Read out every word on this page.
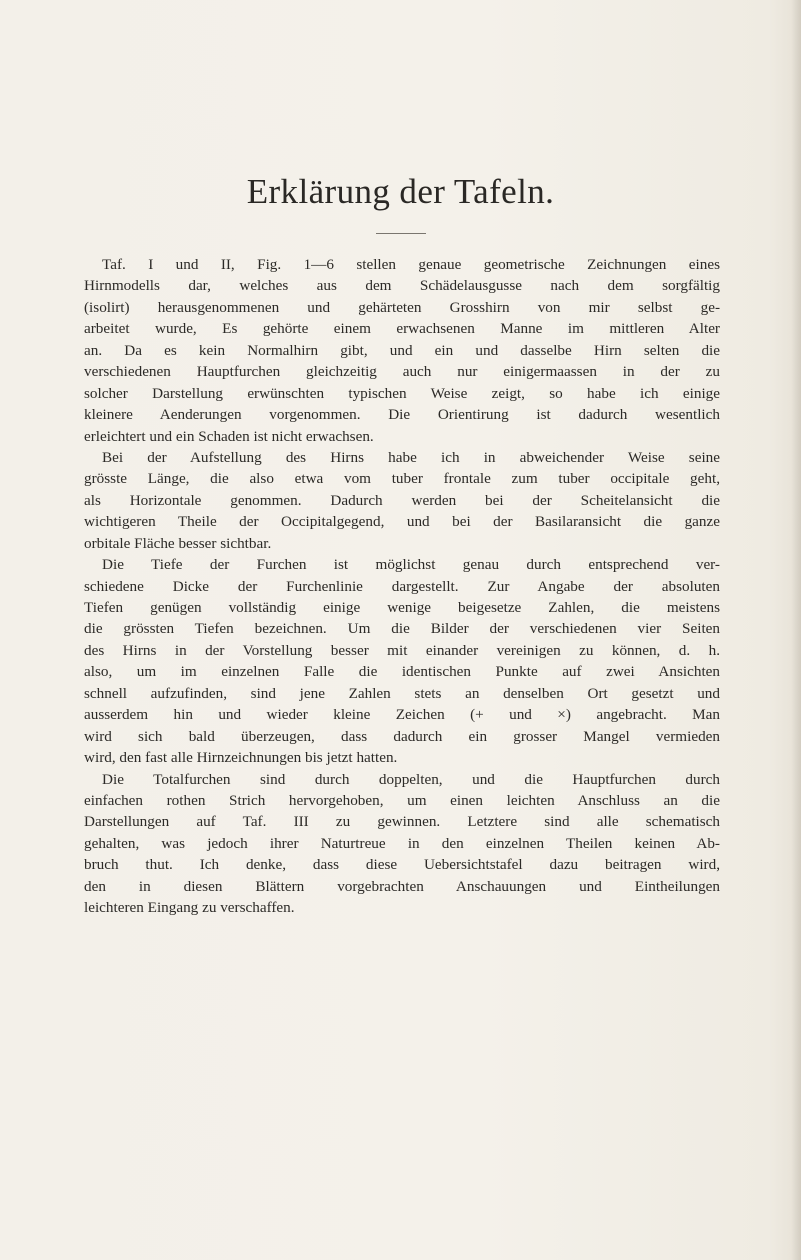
Erklärung der Tafeln.
Taf. I und II, Fig. 1—6 stellen genaue geometrische Zeichnungen eines
Hirnmodells dar, welches aus dem Schädelausgusse nach dem sorgfältig
(isolirt) herausgenommenen und gehärteten Grosshirn von mir selbst ge-
arbeitet wurde, Es gehörte einem erwachsenen Manne im mittleren Alter
an. Da es kein Normalhirn gibt, und ein und dasselbe Hirn selten die
verschiedenen Hauptfurchen gleichzeitig auch nur einigermaassen in der zu
solcher Darstellung erwünschten typischen Weise zeigt, so habe ich einige
kleinere Aenderungen vorgenommen. Die Orientirung ist dadurch wesentlich
erleichtert und ein Schaden ist nicht erwachsen.
Bei der Aufstellung des Hirns habe ich in abweichender Weise seine
grösste Länge, die also etwa vom tuber frontale zum tuber occipitale geht,
als Horizontale genommen. Dadurch werden bei der Scheitelansicht die
wichtigeren Theile der Occipitalgegend, und bei der Basilaransicht die ganze
orbitale Fläche besser sichtbar.
Die Tiefe der Furchen ist möglichst genau durch entsprechend ver-
schiedene Dicke der Furchenlinie dargestellt. Zur Angabe der absoluten
Tiefen genügen vollständig einige wenige beigesetze Zahlen, die meistens
die grössten Tiefen bezeichnen. Um die Bilder der verschiedenen vier Seiten
des Hirns in der Vorstellung besser mit einander vereinigen zu können, d. h.
also, um im einzelnen Falle die identischen Punkte auf zwei Ansichten
schnell aufzufinden, sind jene Zahlen stets an denselben Ort gesetzt und
ausserdem hin und wieder kleine Zeichen (+ und ×) angebracht. Man
wird sich bald überzeugen, dass dadurch ein grosser Mangel vermieden
wird, den fast alle Hirnzeichnungen bis jetzt hatten.
Die Totalfurchen sind durch doppelten, und die Hauptfurchen durch
einfachen rothen Strich hervorgehoben, um einen leichten Anschluss an die
Darstellungen auf Taf. III zu gewinnen. Letztere sind alle schematisch
gehalten, was jedoch ihrer Naturtreue in den einzelnen Theilen keinen Ab-
bruch thut. Ich denke, dass diese Uebersichtstafel dazu beitragen wird,
den in diesen Blättern vorgebrachten Anschauungen und Eintheilungen
leichteren Eingang zu verschaffen.
